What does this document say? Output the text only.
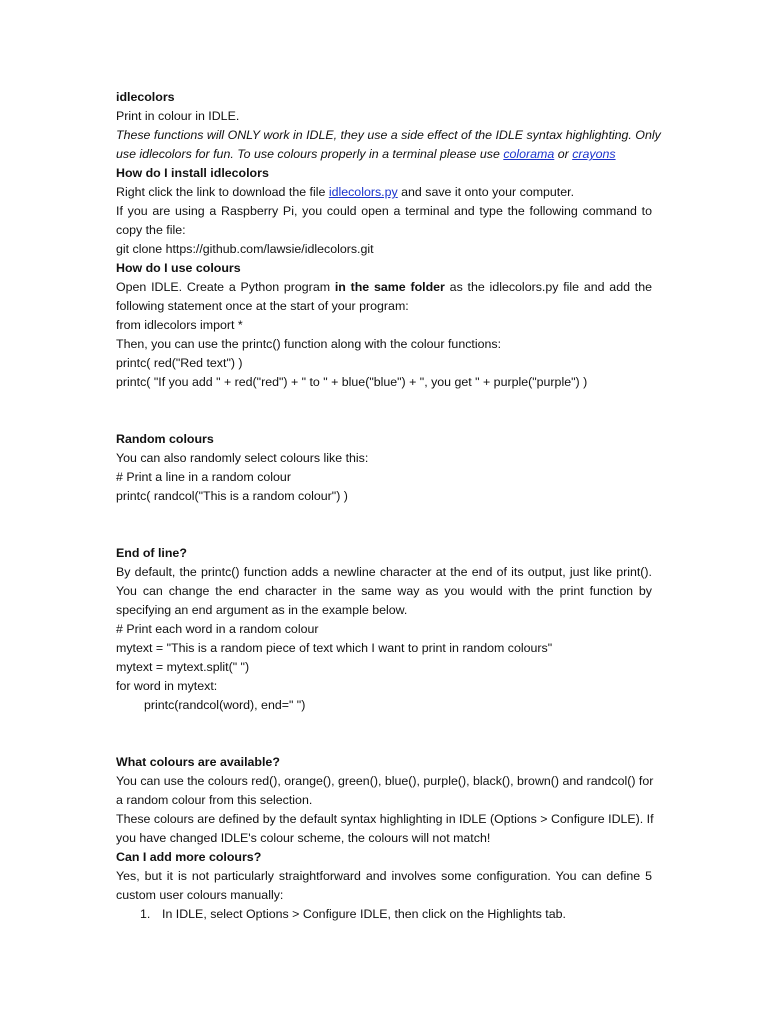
idlecolors
Print in colour in IDLE.
These functions will ONLY work in IDLE, they use a side effect of the IDLE syntax highlighting. Only
use idlecolors for fun. To use colours properly in a terminal please use colorama or crayons
How do I install idlecolors
Right click the link to download the file idlecolors.py and save it onto your computer.
If you are using a Raspberry Pi, you could open a terminal and type the following command to
copy the file:
git clone https://github.com/lawsie/idlecolors.git
How do I use colours
Open IDLE. Create a Python program in the same folder as the idlecolors.py file and add the
following statement once at the start of your program:
from idlecolors import *
Then, you can use the printc() function along with the colour functions:
printc( red("Red text") )
printc( "If you add " + red("red") + " to " + blue("blue") + ", you get " + purple("purple") )
Random colours
You can also randomly select colours like this:
# Print a line in a random colour
printc( randcol("This is a random colour") )
End of line?
By default, the printc() function adds a newline character at the end of its output, just like print().
You can change the end character in the same way as you would with the print function by
specifying an end argument as in the example below.
# Print each word in a random colour
mytext = "This is a random piece of text which I want to print in random colours"
mytext = mytext.split(" ")
for word in mytext:
printc(randcol(word), end=" ")
What colours are available?
You can use the colours red(), orange(), green(), blue(), purple(), black(), brown() and randcol() for
a random colour from this selection.
These colours are defined by the default syntax highlighting in IDLE (Options > Configure IDLE). If
you have changed IDLE's colour scheme, the colours will not match!
Can I add more colours?
Yes, but it is not particularly straightforward and involves some configuration. You can define 5
custom user colours manually:
1. In IDLE, select Options > Configure IDLE, then click on the Highlights tab.
